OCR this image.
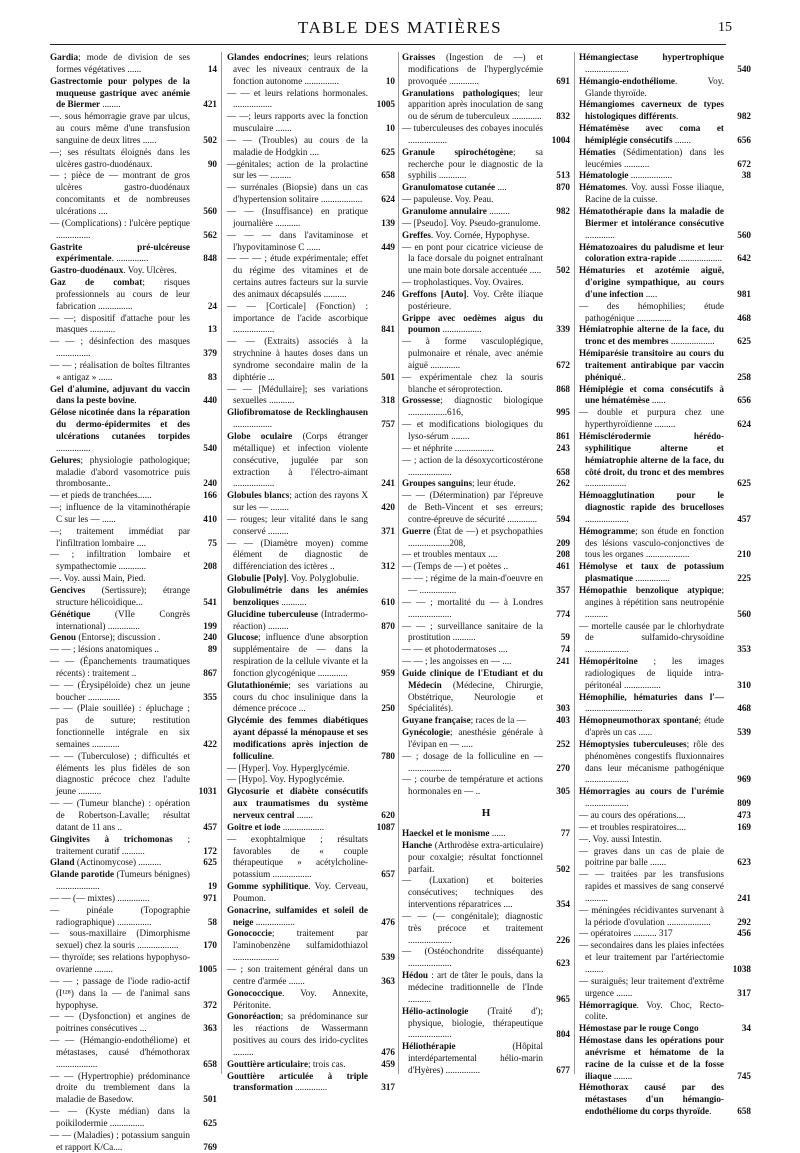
TABLE DES MATIÈRES	15
Gardia; mode de division de ses formes végétatives ......	14
Gastrectomie pour polypes de la muqueuse gastrique avec anémie de Biermer ........	421
—. sous hémorragie grave par ulcus, au cours même d'une transfusion sanguine de deux litres ......	502
—; ses résultats éloignés dans les ulcères gastro-duodénaux.	90
— ; pièce de — montrant de gros ulcères gastro-duodénaux concomitants et de nombreuses ulcérations ....	560
— (Complications) : l'ulcère peptique ...............	562
Gastrite pré-ulcéreuse expérimentale. ..............	848
Gastro-duodénaux. Voy. Ulcères.
Gaz de combat; risques professionnels au cours de leur fabrication ...............	24
— —; dispositif d'attache pour les masques ...........	13
— — ; désinfection des masques ...............	379
— — ; réalisation de boîtes filtrantes « antigaz » ......	83
Gel d'alumine, adjuvant du vaccin dans la peste bovine.	440
Gélose nicotinée dans la réparation du dermo-épidermites et des ulcérations cutanées torpides ...............	540
Gelures; physiologie pathologique; maladie d'abord vasomotrice puis thrombosante..	240
— et pieds de tranchées......	166
—; influence de la vitaminothérapie C sur les — ......	410
—; traitement immédiat par l'infiltration lombaire ....	75
— ; infiltration lombaire et sympathectomie ............	208
—. Voy. aussi Main, Pied.
Gencives (Sertissure); étrange structure hélicoïdique...	541
Génétique (VIIe Congrès international) ..............	199
Genou (Entorse); discussion .	240
— — ; lésions anatomiques ..	89
— — (Épanchements traumatiques récents) : traitement ..	867
— — (Érysipéloïde) chez un jeune boucher ..............	355
— — (Plaie souillée) : épluchage ; pas de suture; restitution fonctionnelle intégrale en six semaines ............	422
— — (Tuberculose) ; difficultés et éléments les plus fidèles de son diagnostic précoce chez l'adulte jeune ..........	1031
— — (Tumeur blanche) : opération de Robertson-Lavalle; résultat datant de 11 ans ..	457
Gingivites à trichomonas ; traitement curatif ..........	172
Gland (Actinomycose) ..........	625
Glande parotide (Tumeurs bénignes) ...................	19
— — (— mixtes) ..............	971
— pinéale (Topographie radiographique) ...............	58
— sous-maxillaire (Dimorphisme sexuel) chez la souris ..................	170
— thyroïde; ses relations hypophyso-ovarienne ........	1005
— — ; passage de l'iode radio-actif (I¹²⁸) dans la — de l'animal sans hypophyse.	372
— — (Dysfonction) et angines de poitrines consécutives ...	363
— — (Hémangio-endothéliome) et métastases, causé d'hémothorax ..................	658
— — (Hypertrophie) prédominance droite du tremblement dans la maladie de Basedow.	501
— — (Kyste médian) dans la poikilodermie ...............	625
— — (Maladies) ; potassium sanguin et rapport K/Ca....	769
Glandes endocrines; leurs relations avec les niveaux centraux de la fonction autonome ...............	10
— — et leurs relations hormonales. .................	1005
— —; leurs rapports avec la fonction musculaire .......	10
— — (Troubles) au cours de la maladie de Hodgkin ....	625
—génitales; action de la prolactine sur les — .........	658
— surrénales (Biopsie) dans un cas d'hypertension solitaire .................. 624
— — (Insuffisance) en pratique journalière ...........	139
— — — dans l'avitaminose et l'hypovitaminose C ......	449
— — — ; étude expérimentale; effet du régime des vitamines et de certains autres facteurs sur la survie des animaux décapsulés ..........	246
— — [Corticale] (Fonction) : importance de l'acide ascorbique ..................	841
— — (Extraits) associés à la strychnine à hautes doses dans un syndrome secondaire malin de la diphtérie ...	501
— — [Médullaire]; ses variations sexuelles ...........	318
Gliofibromatose de Recklinghausen .................	757
Globe oculaire (Corps étranger métallique) et infection violente consécutive, jugulée par son extraction à l'électro-aimant ..................	241
Globules blancs; action des rayons X sur les — ........	420
— rouges; leur vitalité dans le sang conservé .........	371
— — (Diamètre moyen) comme élément de diagnostic de différenciation des ictères ..	312
Globulie [Poly]. Voy. Polyglobulie.
Globulimétrie dans les anémies benzoliques ...........	610
Glucidine tuberculeuse (Intradermo-réaction) .........	870
Glucose; influence d'une absorption supplémentaire de — dans la respiration de la cellule vivante et la fonction glycogénique .............	959
Glutathionémie; ses variations au cours du choc insulinique dans la démence précoce ...	250
Glycémie des femmes diabétiques ayant dépassé la ménopause et ses modifications après injection de folliculine.	780
— [Hyper]. Voy. Hyperglycémie.
— [Hypo]. Voy. Hypoglycémie.
Glycosurie et diabète consécutifs aux traumatismes du système nerveux central .......	620
Goitre et iode ..................	1087
— exophtalmique ; résultats favorables de « couple thérapeutique » acétylcholine-potassium .................	657
Gomme syphilitique. Voy. Cerveau, Poumon.
Gonacrine, sulfamides et soleil de neige .................	476
Gonococcie; traitement par l'aminobenzène sulfamidothiazol ....................	539
— ; son traitement général dans un centre d'armée .......	363
Gonococcique. Voy. Annexite, Péritonite.
Gonoréaction; sa prédominance sur les réactions de Wassermann positives au cours des irido-cyclites .........	476
Gouttière articulaire; trois cas.	459
Gouttière articulée à triple transformation ..............	317
Graisses (Ingestion de —) et modifications de l'hyperglycémie provoquée .............	691
Granulations pathologiques; leur apparition après inoculation de sang ou de sérum de tuberculeux ............. 832
— tuberculeuses des cobayes inoculés .................	1004
Granule spirochétogène; sa recherche pour le diagnostic de la syphilis ............	513
Granulomatose cutanée ....	870
— papuleuse. Voy. Peau.
Granulome annulaire .........	982
— [Pseudo]. Voy. Pseudo-granulome.
Greffes. Voy. Cornée, Hypophyse.
— en pont pour cicatrice vicieuse de la face dorsale du poignet entraînant une main bote dorsale accentuée ..... 502
— tropholastiques. Voy. Ovaires.
Greffons [Auto]. Voy. Crête iliaque postérieure.
Grippe avec oedèmes aigus du poumon .................	339
— à forme vasculoplégique, pulmonaire et rénale, avec anémie aiguë .............	672
— expérimentale chez la souris blanche et séroprotection.	868
Grossesse; diagnostic biologique .................616,	995
— et modifications biologiques du lyso-sérum ........	861
— et néphrite .................	243
— ; action de la désoxycorticostérone ...................	658
Groupes sanguins; leur étude.	262
— — (Détermination) par l'épreuve de Beth-Vincent et ses erreurs; contre-épreuve de sécurité ............. 594
Guerre (État de —) et psychopathies ..................208,	209
— et troubles mentaux ....	208
— (Temps de —) et poètes ..	461
— — ; régime de la main-d'oeuvre en — ................	357
— — ; mortalité du — à Londres ...................	774
— — ; surveillance sanitaire de la prostitution ..........	59
— — et photodermatoses ....	74
— — ; les angoisses en — ....	241
Guide clinique de l'Etudiant et du Médecin (Médecine, Chirurgie, Obstétrique, Neurologie et Spécialités).	303
Guyane française; races de la —	403
Gynécologie; anesthésie générale à l'évipan en — .....	252
— ; dosage de la folliculine en — ...................	270
— ; courbe de température et actions hormonales en — ..	305
H
Haeckel et le monisme ......	77
Hanche (Arthrodèse extra-articulaire) pour coxalgie; résultat fonctionnel parfait.	502
— (Luxation) et boiteries consécutives; techniques des interventions réparatrices ....	354
— — (— congénitale); diagnostic très précoce et traitement ...................	226
— (Ostéochondrite disséquante) ...................	623
Hédou : art de tâter le pouls, dans la médecine traditionnelle de l'Inde ..........	965
Hélio-actinologie (Traité d'); physique, biologie, thérapeutique ...................	804
Héliothérapie (Hôpital interdépartemental hélio-marin d'Hyères) ...............	677
Hémangiectase hypertrophique ...................	540
Hémangio-endothéliome. Voy. Glande thyroïde.
Hémangiomes caverneux de types histologiques différents.	982
Hématémèse avec coma et hémiplégie consécutifs .......	656
Hématies (Sédimentation) dans les leucémies ...........	672
Hématologie ..................	38
Hématomes. Voy. aussi Fosse iliaque, Racine de la cuisse.
Hématothérapie dans la maladie de Biermer et intolérance consécutive .............	560
Hématozoaires du paludisme et leur coloration extra-rapide ................... 642
Hématuries et azotémie aiguë, d'origine sympathique, au cours d'une infection .....	981
— des hémophilies; étude pathogénique ...............	468
Hémiatrophie alterne de la face, du tronc et des membres ................... 625
Hémiparésie transitoire au cours du traitement antirabique par vaccin phéniqué..	258
Hémiplégie et coma consécutifs à une hématémèse ......	656
— double et purpura chez une hyperthyroïdienne .........	624
Hémisclérodermie hérédo-syphilitique alterne et hémiatrophie alterne de la face, du côté droit, du tronc et des membres ..................	625
Hémoagglutination pour le diagnostic rapide des brucelloses ...................	457
Hémogramme; son étude en fonction des lésions vasculo-conjonctives de tous les organes ...................	210
Hémolyse et taux de potassium plasmatique ...............	225
Hémopathie benzolique atypique; angines à répétition sans neutropénie ..........	560
— mortelle causée par le chlorhydrate de sulfamido-chrysoïdine ...................	353
Hémopéritoine ; les images radiologiques de liquide intra-péritonéal ................	310
Hémophilie, hématuries dans l'— .........................	468
Hémopneumothorax spontané; étude d'après un cas ......	539
Hémoptysies tuberculeuses; rôle des phénomènes congestifs fluxionnaires dans leur mécanisme pathogénique ...................	969
Hémorragies au cours de l'urémie ...................	809
— au cours des opérations....	473
— et troubles respiratoires....	169
—. Voy. aussi Intestin.
— graves dans un cas de plaie de poitrine par balle .......	623
— — traitées par les transfusions rapides et massives de sang conservé ..........	241
— méningées récidivantes survenant à la période d'ovulation ...................	292
— opératoires .......... 317	456
— secondaires dans les plaies infectées et leur traitement par l'artériectomie ........	1038
— suraiguës; leur traitement d'extrême urgence .......	317
Hémorragique. Voy. Choc, Recto-colite.
Hémostase par le rouge Congo	34
Hémostase dans les opérations pour anévrisme et hématome de la racine de la cuisse et de la fosse iliaque ........	745
Hémothorax causé par des métastases d'un hémangio-endothéliome du corps thyroïde.	658
